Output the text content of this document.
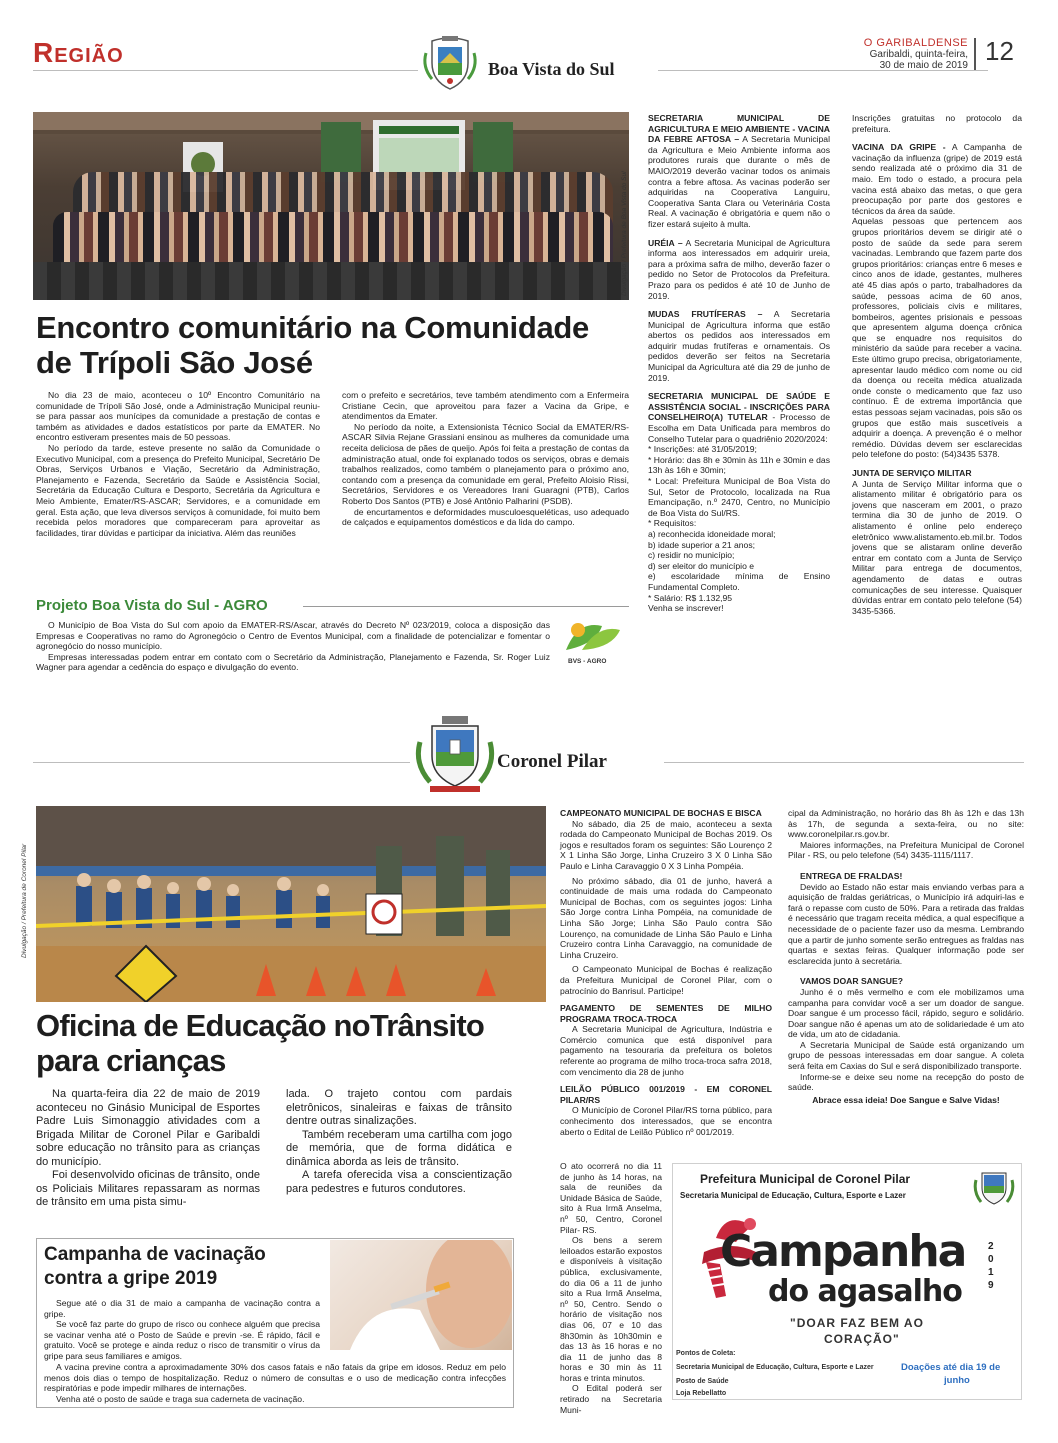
Região	O GARIBALDENSE
Garibaldi, quinta-feira,
30 de maio de 2019 12
Boa Vista do Sul
Divulgação / Prefeitura de Boa Vista do Sul
Encontro comunitário na Comunidade
de Trípoli São José

No dia 23 de maio, aconteceu o 10º Encontro Comunitário na comunidade de Trípoli São José, onde a Administração Municipal reuniu-se para passar aos munícipes da comunidade a prestação de contas e também as atividades e dados estatísticos por parte da EMATER. No encontro estiveram presentes mais de 50 pessoas.

No período da tarde, esteve presente no salão da Comunidade o Executivo Municipal, com a presença do Prefeito Municipal, Secretário De Obras, Serviços Urbanos e Viação, Secretário da Administração, Planejamento e Fazenda, Secretário da Saúde e Assistência Social, Secretária da Educação Cultura e Desporto, Secretária da Agricultura e Meio Ambiente, Emater/RS-ASCAR; Servidores, e a comunidade em geral. Esta ação, que leva diversos serviços à comunidade, foi muito bem recebida pelos moradores que compareceram para aproveitar as facilidades, tirar dúvidas e participar da iniciativa. Além das reuniões

com o prefeito e secretários, teve também atendimento com a Enfermeira Cristiane Cecin, que aproveitou para fazer a Vacina da Gripe, e atendimentos da Emater.

No período da noite, a Extensionista Técnico Social da EMATER/RS-ASCAR Silvia Rejane Grassiani ensinou as mulheres da comunidade uma receita deliciosa de pães de queijo. Após foi feita a prestação de contas da administração atual, onde foi explanado todos os serviços, obras e demais trabalhos realizados, como também o planejamento para o próximo ano, contando com a presença da comunidade em geral, Prefeito Aloisio Rissi, Secretários, Servidores e os Vereadores Irani Guaragni (PTB), Carlos Roberto Dos Santos (PTB) e José Antônio Palharini (PSDB).

de encurtamentos e deformidades musculoesqueléticas, uso adequado de calçados e equipamentos domésticos e da lida do campo.

Projeto Boa Vista do Sul - AGRO

O Município de Boa Vista do Sul com apoio da EMATER-RS/Ascar, através do Decreto Nº 023/2019, coloca a disposição das Empresas e Cooperativas no ramo do Agronegócio o Centro de Eventos Municipal, com a finalidade de potencializar e fomentar o agronegócio do nosso município.

Empresas interessadas podem entrar em contato com o Secretário da Administração, Planejamento e Fazenda, Sr. Roger Luiz Wagner para agendar a cedência do espaço e divulgação do evento.

BVS - AGRO

SECRETARIA MUNICIPAL DE AGRICULTURA E MEIO AMBIENTE - VACINA DA FEBRE AFTOSA – A Secretaria Municipal da Agricultura e Meio Ambiente informa aos produtores rurais que durante o mês de MAIO/2019 deverão vacinar todos os animais contra a febre aftosa. As vacinas poderão ser adquiridas na Cooperativa Languiru, Cooperativa Santa Clara ou Veterinária Costa Real. A vacinação é obrigatória e quem não o fizer estará sujeito à multa.

URÉIA – A Secretaria Municipal de Agricultura informa aos interessados em adquirir ureia, para a próxima safra de milho, deverão fazer o pedido no Setor de Protocolos da Prefeitura. Prazo para os pedidos é até 10 de Junho de 2019.

MUDAS FRUTÍFERAS – A Secretaria Municipal de Agricultura informa que estão abertos os pedidos aos interessados em adquirir mudas frutíferas e ornamentais. Os pedidos deverão ser feitos na Secretaria Municipal da Agricultura até dia 29 de junho de 2019.

SECRETARIA MUNICIPAL DE SAÚDE E ASSISTÊNCIA SOCIAL - INSCRIÇÕES PARA CONSELHEIRO(A) TUTELAR - Processo de Escolha em Data Unificada para membros do Conselho Tutelar para o quadriênio 2020/2024:

* Inscrições: até 31/05/2019;

* Horário: das 8h e 30min às 11h e 30min e das 13h às 16h e 30min;

* Local: Prefeitura Municipal de Boa Vista do Sul, Setor de Protocolo, localizada na Rua Emancipação, n.º 2470, Centro, no Município de Boa Vista do Sul/RS.

* Requisitos:

a) reconhecida idoneidade moral;

b) idade superior a 21 anos;

c) residir no município;

d) ser eleitor do município e

e) escolaridade mínima de Ensino Fundamental Completo.

* Salário: R$ 1.132,95

Venha se inscrever!

Inscrições gratuitas no protocolo da prefeitura.

VACINA DA GRIPE - A Campanha de vacinação da influenza (gripe) de 2019 está sendo realizada até o próximo dia 31 de maio. Em todo o estado, a procura pela vacina está abaixo das metas, o que gera preocupação por parte dos gestores e técnicos da área da saúde.

Aquelas pessoas que pertencem aos grupos prioritários devem se dirigir até o posto de saúde da sede para serem vacinadas. Lembrando que fazem parte dos grupos prioritários: crianças entre 6 meses e cinco anos de idade, gestantes, mulheres até 45 dias após o parto, trabalhadores da saúde, pessoas acima de 60 anos, professores, policiais civis e militares, bombeiros, agentes prisionais e pessoas que apresentem alguma doença crônica que se enquadre nos requisitos do ministério da saúde para receber a vacina. Este último grupo precisa, obrigatoriamente, apresentar laudo médico com nome ou cid da doença ou receita médica atualizada onde conste o medicamento que faz uso contínuo. É de extrema importância que estas pessoas sejam vacinadas, pois são os grupos que estão mais suscetíveis a adquirir a doença. A prevenção é o melhor remédio. Dúvidas devem ser esclarecidas pelo telefone do posto: (54)3435 5378.

JUNTA DE SERVIÇO MILITAR

A Junta de Serviço Militar informa que o alistamento militar é obrigatório para os jovens que nasceram em 2001, o prazo termina dia 30 de junho de 2019. O alistamento é online pelo endereço eletrônico www.alistamento.eb.mil.br. Todos jovens que se alistaram online deverão entrar em contato com a Junta de Serviço Militar para entrega de documentos, agendamento de datas e outras comunicações de seu interesse. Quaisquer dúvidas entrar em contato pelo telefone (54) 3435-5366.

Coronel Pilar
Divulgação / Prefeitura de Coronel Pilar
Oficina de Educação noTrânsito
para crianças

Na quarta-feira dia 22 de maio de 2019 aconteceu no Ginásio Municipal de Esportes Padre Luis Simonaggio atividades com a Brigada Militar de Coronel Pilar e Garibaldi sobre educação no trânsito para as crianças do município.

Foi desenvolvido oficinas de trânsito, onde os Policiais Militares repassaram as normas de trânsito em uma pista simu-

lada. O trajeto contou com pardais eletrônicos, sinaleiras e faixas de trânsito dentre outras sinalizações.

Também receberam uma cartilha com jogo de memória, que de forma didática e dinâmica aborda as leis de trânsito.

A tarefa oferecida visa a conscientização para pedestres e futuros condutores.

Campanha de vacinação
contra a gripe 2019

Segue até o dia 31 de maio a campanha de vacinação contra a gripe.

Se você faz parte do grupo de risco ou conhece alguém que precisa se vacinar venha até o Posto de Saúde e previn -se. É rápido, fácil e gratuito. Você se protege e ainda reduz o risco de transmitir o vírus da gripe para seus familiares e amigos.

A vacina previne contra a aproximadamente 30% dos casos fatais e não fatais da gripe em idosos. Reduz em pelo menos dois dias o tempo de hospitalização. Reduz o número de consultas e o uso de medicação contra infecções respiratórias e pode impedir milhares de internações.

Venha até o posto de saúde e traga sua caderneta de vacinação.

CAMPEONATO MUNICIPAL DE BOCHAS E BISCA

No sábado, dia 25 de maio, aconteceu a sexta rodada do Campeonato Municipal de Bochas 2019. Os jogos e resultados foram os seguintes: São Lourenço 2 X 1 Linha São Jorge, Linha Cruzeiro 3 X 0 Linha São Paulo e Linha Caravaggio 0 X 3 Linha Pompéia.

No próximo sábado, dia 01 de junho, haverá a continuidade de mais uma rodada do Campeonato Municipal de Bochas, com os seguintes jogos: Linha São Jorge contra Linha Pompéia, na comunidade de Linha São Jorge; Linha São Paulo contra São Lourenço, na comunidade de Linha São Paulo e Linha Cruzeiro contra Linha Caravaggio, na comunidade de Linha Cruzeiro.

O Campeonato Municipal de Bochas é realização da Prefeitura Municipal de Coronel Pilar, com o patrocínio do Banrisul. Participe!

PAGAMENTO DE SEMENTES DE MILHO PROGRAMA TROCA-TROCA

A Secretaria Municipal de Agricultura, Indústria e Comércio comunica que está disponível para pagamento na tesouraria da prefeitura os boletos referente ao programa de milho troca-troca safra 2018, com vencimento dia 28 de junho

LEILÃO PÚBLICO 001/2019 - EM CORONEL PILAR/RS

O Município de Coronel Pilar/RS torna público, para conhecimento dos interessados, que se encontra aberto o Edital de Leilão Público nº 001/2019.

O ato ocorrerá no dia 11 de junho às 14 horas, na sala de reuniões da Unidade Básica de Saúde, sito à Rua Irmã Anselma, nº 50, Centro, Coronel Pilar- RS.

Os bens a serem leiloados estarão expostos e disponíveis à visitação pública, exclusivamente, do dia 06 a 11 de junho sito a Rua Irmã Anselma, nº 50, Centro. Sendo o horário de visitação nos dias 06, 07 e 10 das 8h30min às 10h30min e das 13 às 16 horas e no dia 11 de junho das 8 horas e 30 min às 11 horas e trinta minutos.

O Edital poderá ser retirado na Secretaria Muni-

cipal da Administração, no horário das 8h às 12h e das 13h às 17h, de segunda a sexta-feira, ou no site: www.coronelpilar.rs.gov.br.

Maiores informações, na Prefeitura Municipal de Coronel Pilar - RS, ou pelo telefone (54) 3435-1115/1117.

ENTREGA DE FRALDAS!

Devido ao Estado não estar mais enviando verbas para a aquisição de fraldas geriátricas, o Município irá adquiri-las e fará o repasse com custo de 50%. Para a retirada das fraldas é necessário que tragam receita médica, a qual especifique a necessidade de o paciente fazer uso da mesma. Lembrando que a partir de junho somente serão entregues as fraldas nas quartas e sextas feiras. Qualquer informação pode ser esclarecida junto à secretária.

VAMOS DOAR SANGUE?

Junho é o mês vermelho e com ele mobilizamos uma campanha para convidar você a ser um doador de sangue. Doar sangue é um processo fácil, rápido, seguro e solidário. Doar sangue não é apenas um ato de solidariedade é um ato de vida, um ato de cidadania.

A Secretaria Municipal de Saúde está organizando um grupo de pessoas interessadas em doar sangue. A coleta será feita em Caxias do Sul e será disponibilizado transporte.

Informe-se e deixe seu nome na recepção do posto de saúde.

Abrace essa ideia! Doe Sangue e Salve Vidas!

Prefeitura Municipal de Coronel Pilar
Secretaria Municipal de Educação, Cultura, Esporte e Lazer
Campanha
do agasalho
2019
"DOAR FAZ BEM AO
CORAÇÃO"
Pontos de Coleta:
Secretaria Municipal de Educação, Cultura, Esporte e Lazer
Posto de Saúde
Loja Rebellatto
Doações até dia 19 de
junho
